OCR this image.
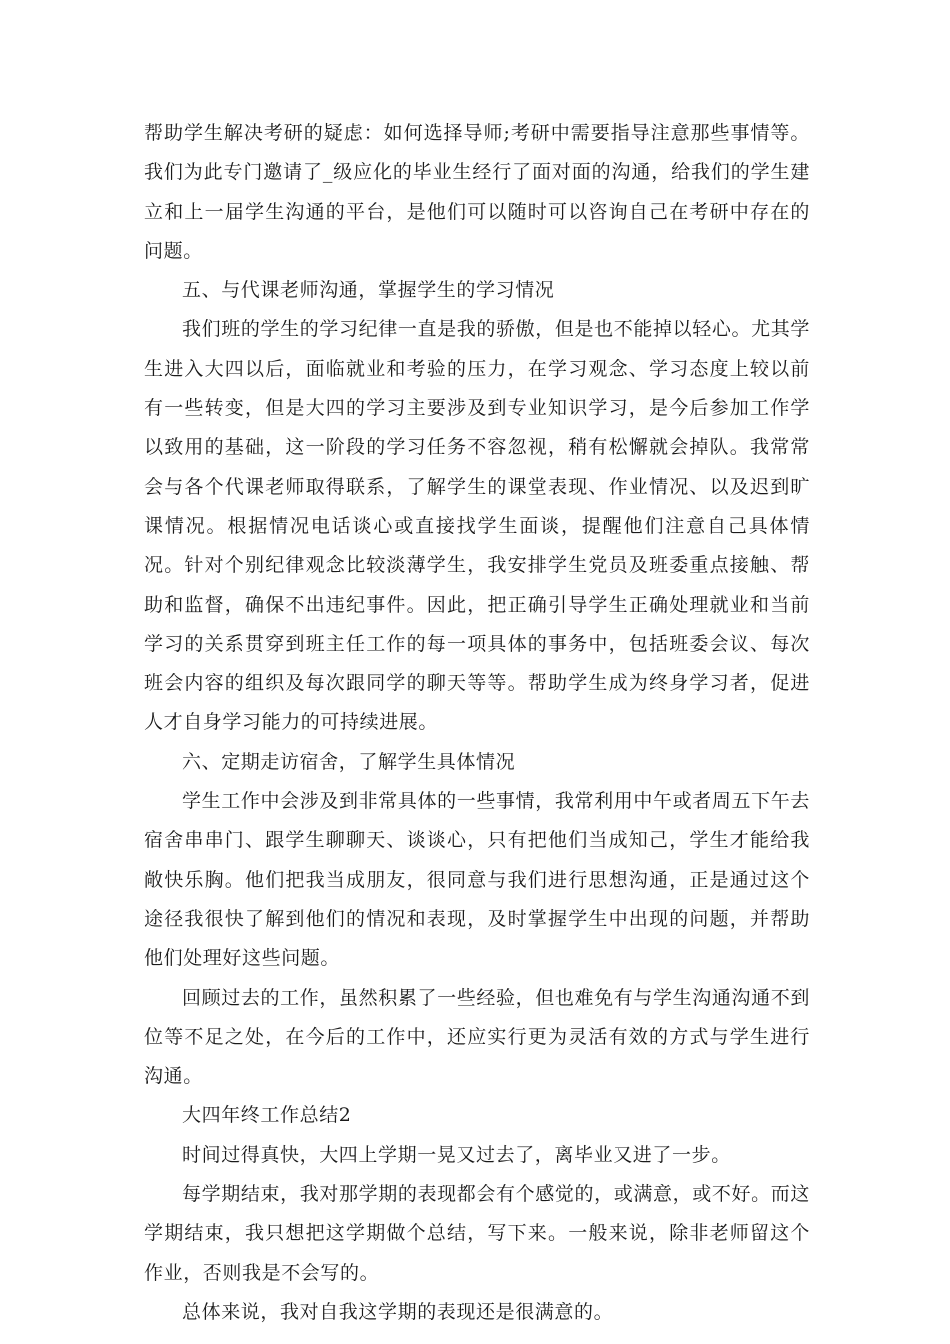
帮助学生解决考研的疑虑：如何选择导师;考研中需要指导注意那些事情等。我们为此专门邀请了_级应化的毕业生经行了面对面的沟通，给我们的学生建立和上一届学生沟通的平台，是他们可以随时可以咨询自己在考研中存在的问题。

五、与代课老师沟通，掌握学生的学习情况

我们班的学生的学习纪律一直是我的骄傲，但是也不能掉以轻心。尤其学生进入大四以后，面临就业和考验的压力，在学习观念、学习态度上较以前有一些转变，但是大四的学习主要涉及到专业知识学习，是今后参加工作学以致用的基础，这一阶段的学习任务不容忽视，稍有松懈就会掉队。我常常会与各个代课老师取得联系，了解学生的课堂表现、作业情况、以及迟到旷课情况。根据情况电话谈心或直接找学生面谈，提醒他们注意自己具体情况。针对个别纪律观念比较淡薄学生，我安排学生党员及班委重点接触、帮助和监督，确保不出违纪事件。因此，把正确引导学生正确处理就业和当前学习的关系贯穿到班主任工作的每一项具体的事务中，包括班委会议、每次班会内容的组织及每次跟同学的聊天等等。帮助学生成为终身学习者，促进人才自身学习能力的可持续进展。

六、定期走访宿舍，了解学生具体情况

学生工作中会涉及到非常具体的一些事情，我常利用中午或者周五下午去宿舍串串门、跟学生聊聊天、谈谈心，只有把他们当成知己，学生才能给我敞快乐胸。他们把我当成朋友，很同意与我们进行思想沟通，正是通过这个途径我很快了解到他们的情况和表现，及时掌握学生中出现的问题，并帮助他们处理好这些问题。

回顾过去的工作，虽然积累了一些经验，但也难免有与学生沟通沟通不到位等不足之处，在今后的工作中，还应实行更为灵活有效的方式与学生进行沟通。

大四年终工作总结2

时间过得真快，大四上学期一晃又过去了，离毕业又进了一步。

每学期结束，我对那学期的表现都会有个感觉的，或满意，或不好。而这学期结束，我只想把这学期做个总结，写下来。一般来说，除非老师留这个作业，否则我是不会写的。

总体来说，我对自我这学期的表现还是很满意的。
